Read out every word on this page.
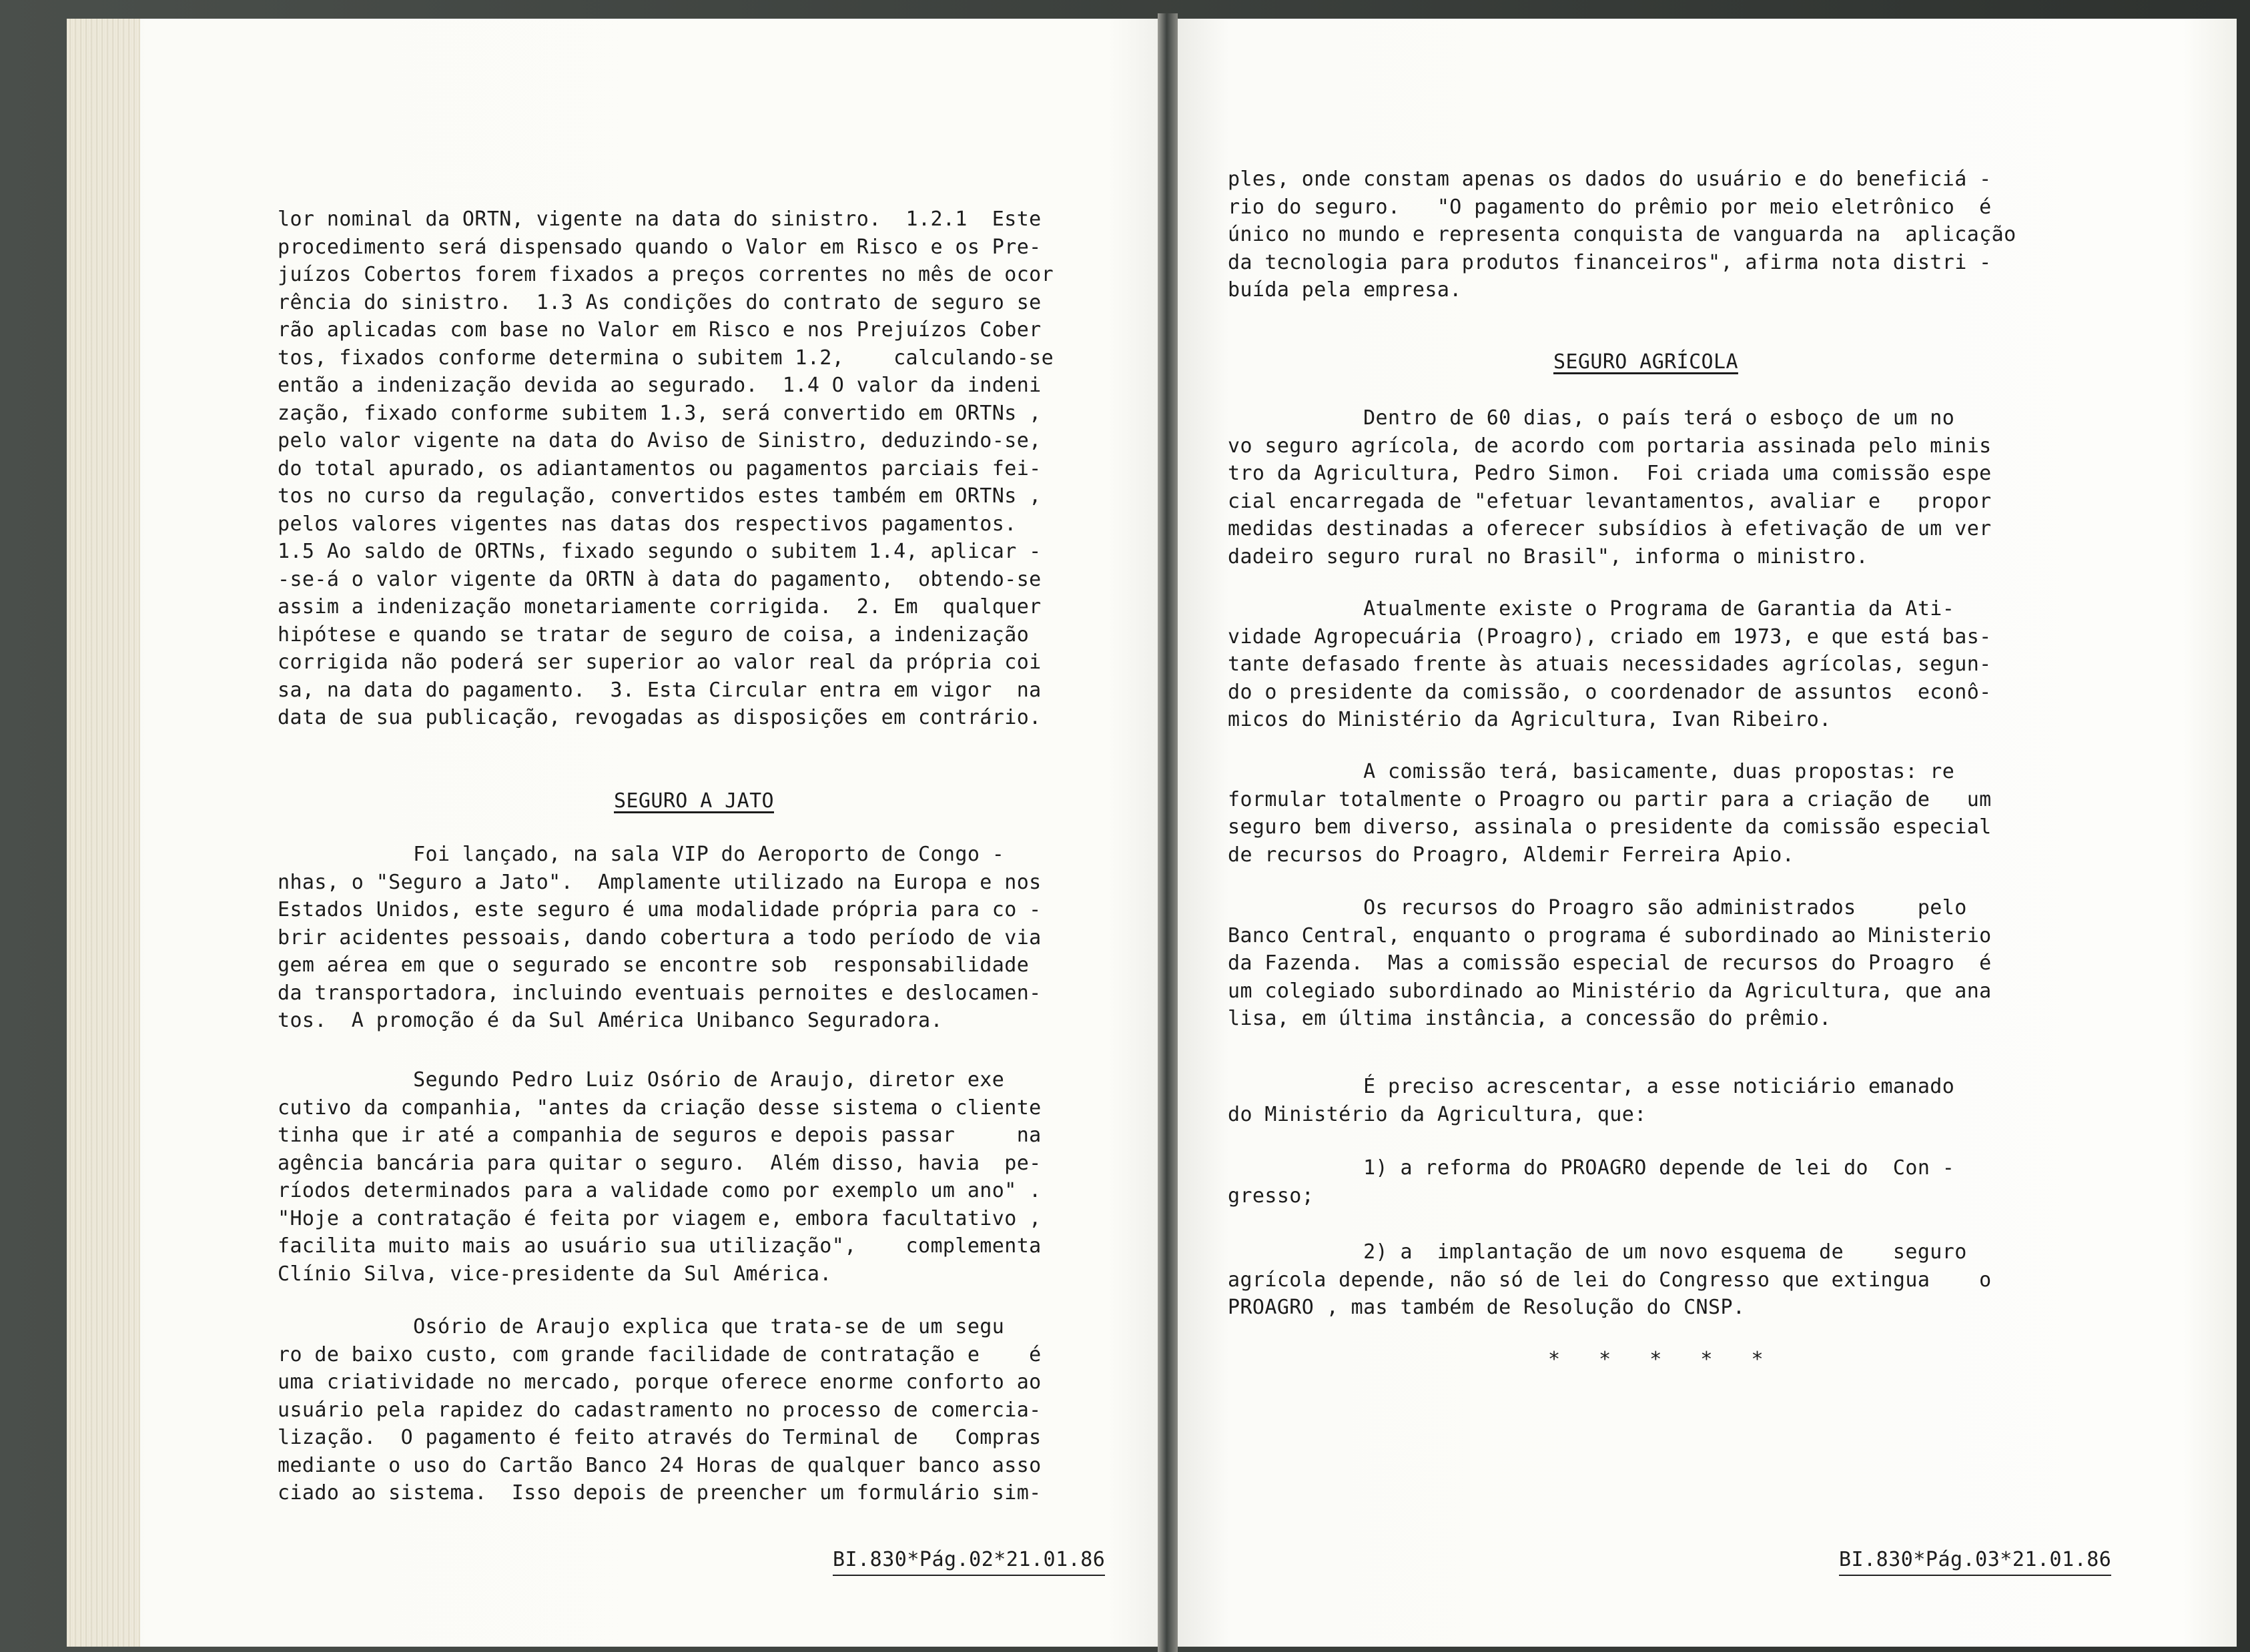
lor nominal da ORTN, vigente na data do sinistro.  1.2.1  Este
procedimento será dispensado quando o Valor em Risco e os Pre-
juízos Cobertos forem fixados a preços correntes no mês de ocor
rência do sinistro.  1.3 As condições do contrato de seguro se
rão aplicadas com base no Valor em Risco e nos Prejuízos Cober
tos, fixados conforme determina o subitem 1.2,    calculando-se
então a indenização devida ao segurado.  1.4 O valor da indeni
zação, fixado conforme subitem 1.3, será convertido em ORTNs ,
pelo valor vigente na data do Aviso de Sinistro, deduzindo-se,
do total apurado, os adiantamentos ou pagamentos parciais fei-
tos no curso da regulação, convertidos estes também em ORTNs ,
pelos valores vigentes nas datas dos respectivos pagamentos.
1.5 Ao saldo de ORTNs, fixado segundo o subitem 1.4, aplicar -
-se-á o valor vigente da ORTN à data do pagamento,  obtendo-se
assim a indenização monetariamente corrigida.  2. Em  qualquer
hipótese e quando se tratar de seguro de coisa, a indenização
corrigida não poderá ser superior ao valor real da própria coi
sa, na data do pagamento.  3. Esta Circular entra em vigor  na
data de sua publicação, revogadas as disposições em contrário.
SEGURO A JATO
Foi lançado, na sala VIP do Aeroporto de Congo -
nhas, o "Seguro a Jato".  Amplamente utilizado na Europa e nos
Estados Unidos, este seguro é uma modalidade própria para co -
brir acidentes pessoais, dando cobertura a todo período de via
gem aérea em que o segurado se encontre sob  responsabilidade
da transportadora, incluindo eventuais pernoites e deslocamen-
tos.  A promoção é da Sul América Unibanco Seguradora.
Segundo Pedro Luiz Osório de Araujo, diretor exe
cutivo da companhia, "antes da criação desse sistema o cliente
tinha que ir até a companhia de seguros e depois passar     na
agência bancária para quitar o seguro.  Além disso, havia  pe-
ríodos determinados para a validade como por exemplo um ano" .
"Hoje a contratação é feita por viagem e, embora facultativo ,
facilita muito mais ao usuário sua utilização",    complementa
Clínio Silva, vice-presidente da Sul América.
Osório de Araujo explica que trata-se de um segu
ro de baixo custo, com grande facilidade de contratação e    é
uma criatividade no mercado, porque oferece enorme conforto ao
usuário pela rapidez do cadastramento no processo de comercia-
lização.  O pagamento é feito através do Terminal de   Compras
mediante o uso do Cartão Banco 24 Horas de qualquer banco asso
ciado ao sistema.  Isso depois de preencher um formulário sim-
BI.830*Pág.02*21.01.86
ples, onde constam apenas os dados do usuário e do beneficiá -
rio do seguro.   "O pagamento do prêmio por meio eletrônico  é
único no mundo e representa conquista de vanguarda na  aplicação
da tecnologia para produtos financeiros", afirma nota distri -
buída pela empresa.
SEGURO AGRÍCOLA
Dentro de 60 dias, o país terá o esboço de um no
vo seguro agrícola, de acordo com portaria assinada pelo minis
tro da Agricultura, Pedro Simon.  Foi criada uma comissão espe
cial encarregada de "efetuar levantamentos, avaliar e   propor
medidas destinadas a oferecer subsídios à efetivação de um ver
dadeiro seguro rural no Brasil", informa o ministro.
Atualmente existe o Programa de Garantia da Ati-
vidade Agropecuária (Proagro), criado em 1973, e que está bas-
tante defasado frente às atuais necessidades agrícolas, segun-
do o presidente da comissão, o coordenador de assuntos  econô-
micos do Ministério da Agricultura, Ivan Ribeiro.
A comissão terá, basicamente, duas propostas: re
formular totalmente o Proagro ou partir para a criação de   um
seguro bem diverso, assinala o presidente da comissão especial
de recursos do Proagro, Aldemir Ferreira Apio.
Os recursos do Proagro são administrados     pelo
Banco Central, enquanto o programa é subordinado ao Ministerio
da Fazenda.  Mas a comissão especial de recursos do Proagro  é
um colegiado subordinado ao Ministério da Agricultura, que ana
lisa, em última instância, a concessão do prêmio.
É preciso acrescentar, a esse noticiário emanado
do Ministério da Agricultura, que:
1) a reforma do PROAGRO depende de lei do  Con -
gresso;
2) a  implantação de um novo esquema de    seguro
agrícola depende, não só de lei do Congresso que extingua    o
PROAGRO , mas também de Resolução do CNSP.
* * * * *
BI.830*Pág.03*21.01.86
